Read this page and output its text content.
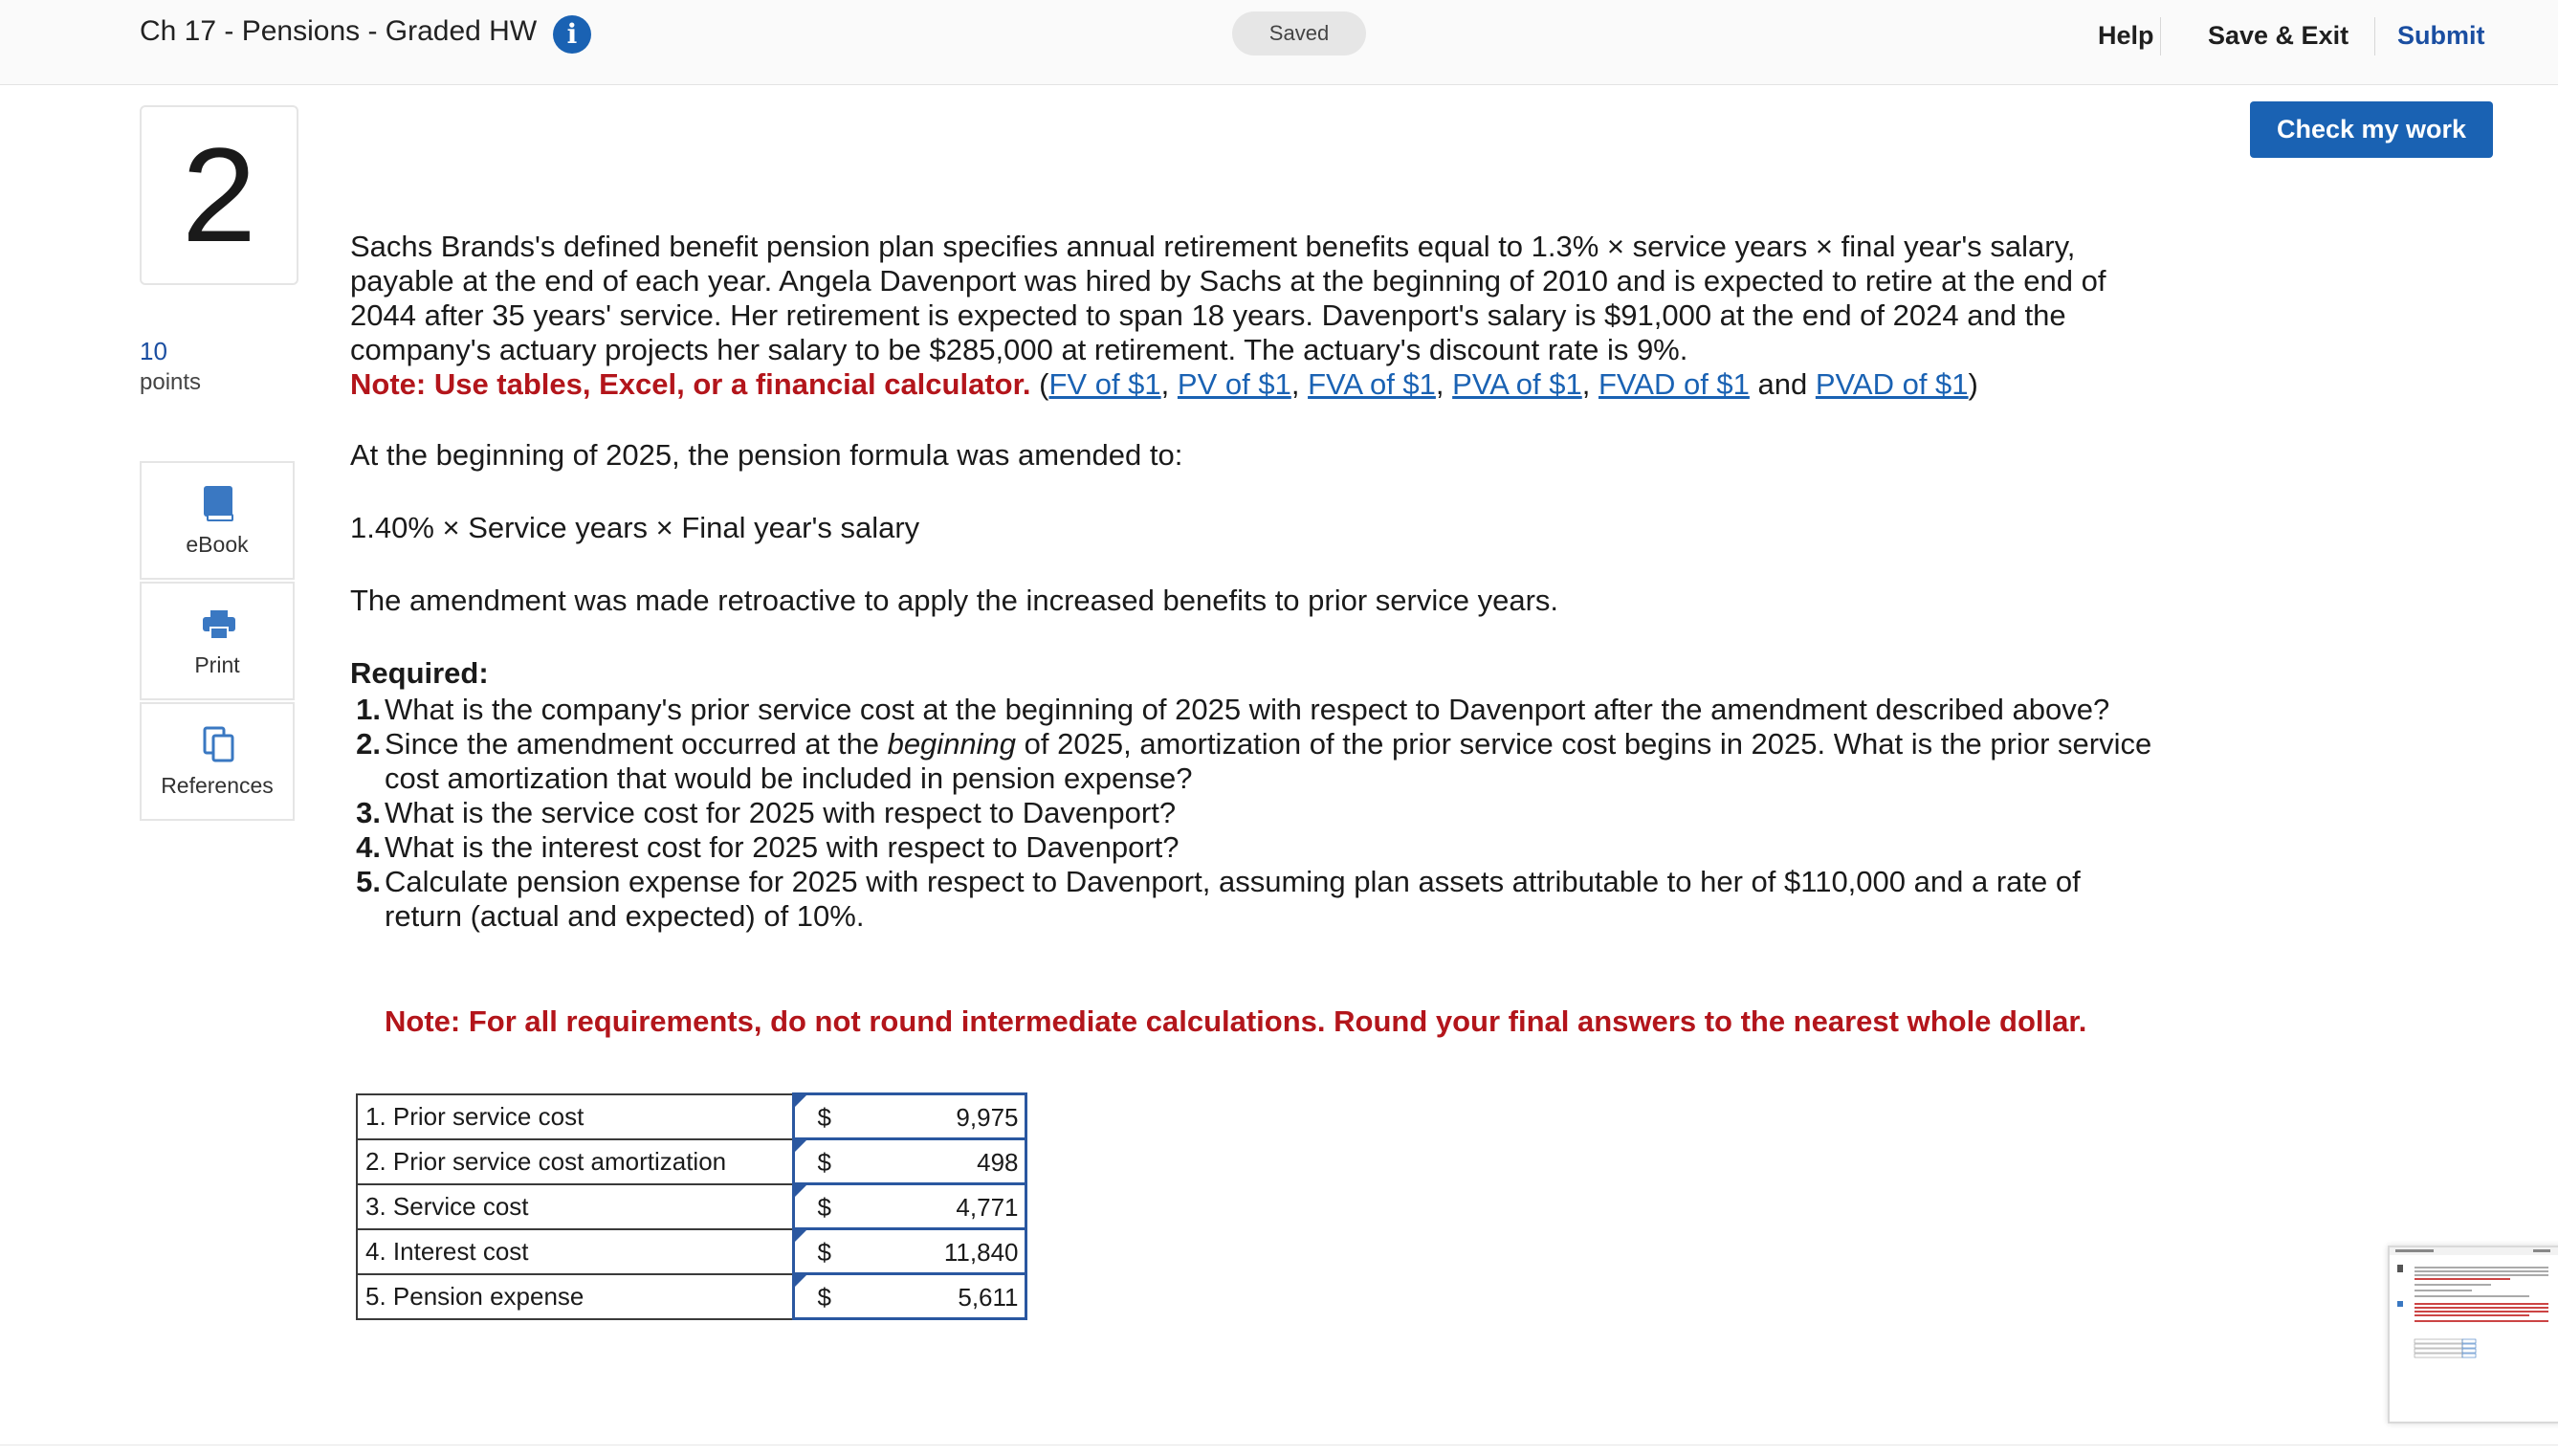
Ch 17 - Pensions - Graded HW	i	Saved	Help Save & Exit Submit
2
10
points
eBook
Print
References
Check my work
Sachs Brands's defined benefit pension plan specifies annual retirement benefits equal to 1.3% × service years × final year's salary,
payable at the end of each year. Angela Davenport was hired by Sachs at the beginning of 2010 and is expected to retire at the end of
2044 after 35 years' service. Her retirement is expected to span 18 years. Davenport's salary is $91,000 at the end of 2024 and the
company's actuary projects her salary to be $285,000 at retirement. The actuary's discount rate is 9%.
Note: Use tables, Excel, or a financial calculator. (FV of $1, PV of $1, FVA of $1, PVA of $1, FVAD of $1 and PVAD of $1)
At the beginning of 2025, the pension formula was amended to:
1.40% × Service years × Final year's salary
The amendment was made retroactive to apply the increased benefits to prior service years.
Required:
1. What is the company's prior service cost at the beginning of 2025 with respect to Davenport after the amendment described above?
2. Since the amendment occurred at the beginning of 2025, amortization of the prior service cost begins in 2025. What is the prior service cost amortization that would be included in pension expense?
3. What is the service cost for 2025 with respect to Davenport?
4. What is the interest cost for 2025 with respect to Davenport?
5. Calculate pension expense for 2025 with respect to Davenport, assuming plan assets attributable to her of $110,000 and a rate of return (actual and expected) of 10%.
Note: For all requirements, do not round intermediate calculations. Round your final answers to the nearest whole dollar.
1. Prior service cost	$ 9,975

2. Prior service cost amortization	$ 498

3. Service cost	$ 4,771

4. Interest cost	$ 11,840

5. Pension expense	$ 5,611
